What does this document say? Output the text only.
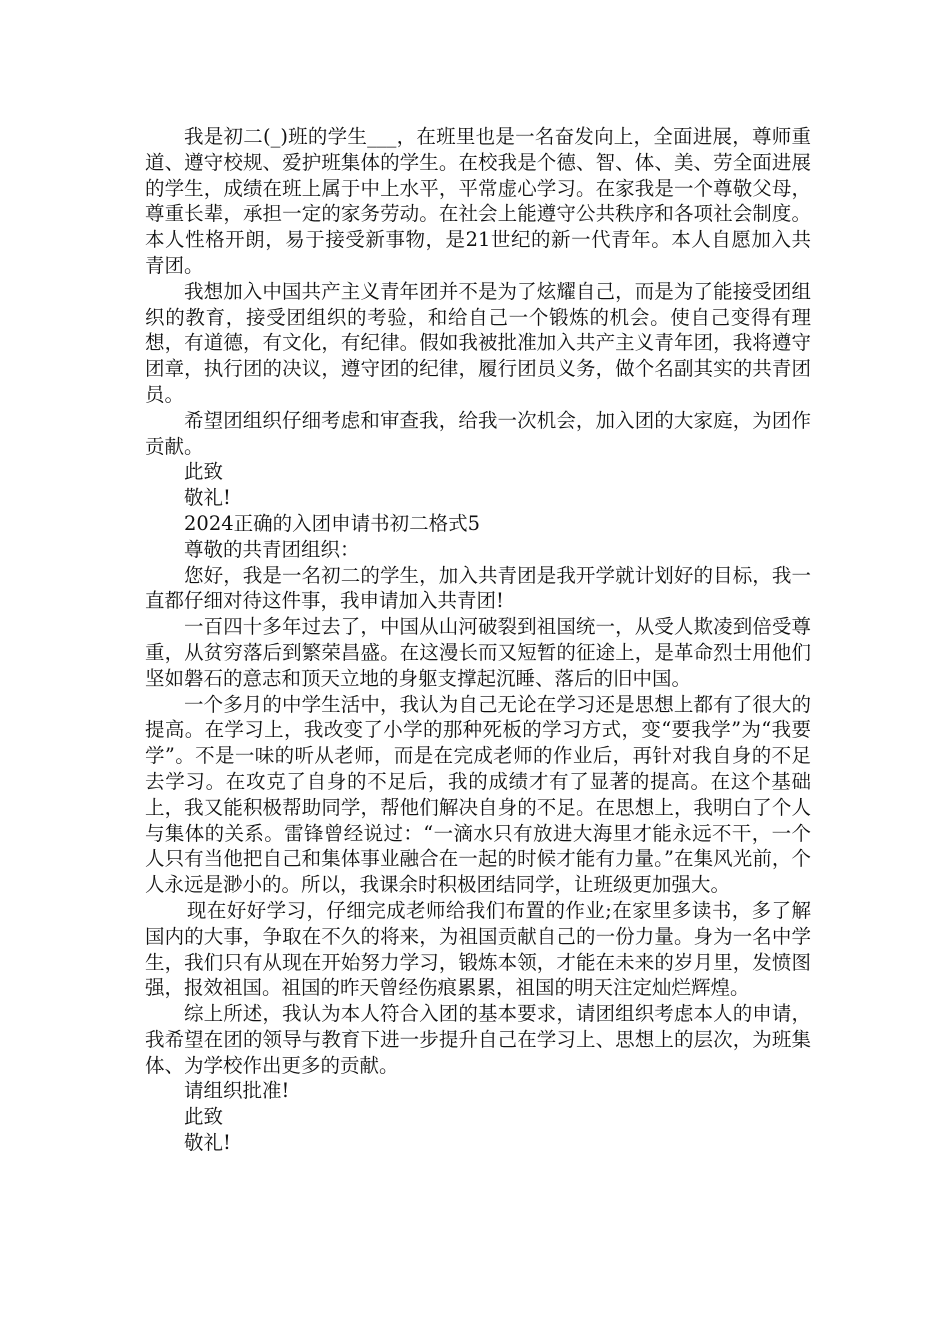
我是初二(_)班的学生___，在班里也是一名奋发向上，全面进展，尊师重道、遵守校规、爱护班集体的学生。在校我是个德、智、体、美、劳全面进展的学生，成绩在班上属于中上水平，平常虚心学习。在家我是一个尊敬父母，尊重长辈，承担一定的家务劳动。在社会上能遵守公共秩序和各项社会制度。本人性格开朗，易于接受新事物，是21世纪的新一代青年。本人自愿加入共青团。

我想加入中国共产主义青年团并不是为了炫耀自己，而是为了能接受团组织的教育，接受团组织的考验，和给自己一个锻炼的机会。使自己变得有理想，有道德，有文化，有纪律。假如我被批准加入共产主义青年团，我将遵守团章，执行团的决议，遵守团的纪律，履行团员义务，做个名副其实的共青团员。

希望团组织仔细考虑和审查我，给我一次机会，加入团的大家庭，为团作贡献。

此致

敬礼!

2024正确的入团申请书初二格式5

尊敬的共青团组织：

您好，我是一名初二的学生，加入共青团是我开学就计划好的目标，我一直都仔细对待这件事，我申请加入共青团!

一百四十多年过去了，中国从山河破裂到祖国统一，从受人欺凌到倍受尊重，从贫穷落后到繁荣昌盛。在这漫长而又短暂的征途上，是革命烈士用他们坚如磐石的意志和顶天立地的身躯支撑起沉睡、落后的旧中国。

一个多月的中学生活中，我认为自己无论在学习还是思想上都有了很大的提高。在学习上，我改变了小学的那种死板的学习方式，变“要我学”为“我要学”。不是一味的听从老师，而是在完成老师的作业后，再针对我自身的不足去学习。在攻克了自身的不足后，我的成绩才有了显著的提高。在这个基础上，我又能积极帮助同学，帮他们解决自身的不足。在思想上，我明白了个人与集体的关系。雷锋曾经说过：“一滴水只有放进大海里才能永远不干，一个人只有当他把自己和集体事业融合在一起的时候才能有力量。”在集风光前，个人永远是渺小的。所以，我课余时积极团结同学，让班级更加强大。

现在好好学习，仔细完成老师给我们布置的作业;在家里多读书，多了解国内的大事，争取在不久的将来，为祖国贡献自己的一份力量。身为一名中学生，我们只有从现在开始努力学习，锻炼本领，才能在未来的岁月里，发愤图强，报效祖国。祖国的昨天曾经伤痕累累，祖国的明天注定灿烂辉煌。

综上所述，我认为本人符合入团的基本要求，请团组织考虑本人的申请，我希望在团的领导与教育下进一步提升自己在学习上、思想上的层次，为班集体、为学校作出更多的贡献。

请组织批准!

此致

敬礼!
